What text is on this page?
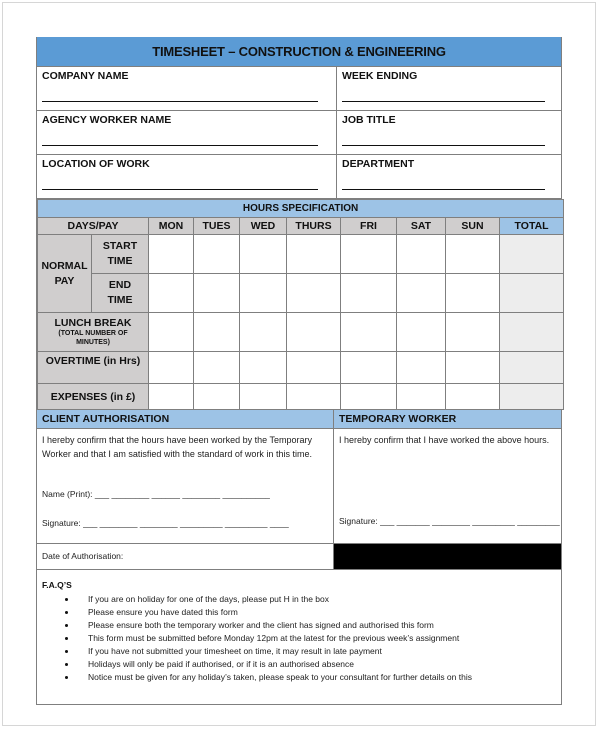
TIMESHEET – CONSTRUCTION & ENGINEERING
COMPANY NAME	WEEK ENDING
AGENCY WORKER NAME	JOB TITLE
LOCATION OF WORK	DEPARTMENT
HOURS SPECIFICATION									
DAYS/PAY		MON	TUES	WED	THURS	FRI	SAT	SUN	TOTAL
NORMAL PAY	START TIME								
	END TIME								

LUNCH BREAK
(TOTAL NUMBER OF MINUTES)									

OVERTIME (in Hrs)									
EXPENSES (in £)									
CLIENT AUTHORISATION	TEMPORARY WORKER
I hereby confirm that the hours have been worked by the Temporary Worker and that I am satisfied with the standard of work in this time.
Name (Print): ___ ________ ______ ________ __________
Signature: ___ ________ ________ _________ _________ ____
I hereby confirm that I have worked the above hours.
Signature: ___ _______ ________ _________ _________
Date of Authorisation:
F.A.Q’S
If you are on holiday for one of the days, please put H in the box
Please ensure you have dated this form
Please ensure both the temporary worker and the client has signed and authorised this form
This form must be submitted before Monday 12pm at the latest for the previous week’s assignment
If you have not submitted your timesheet on time, it may result in late payment
Holidays will only be paid if authorised, or if it is an authorised absence
Notice must be given for any holiday’s taken, please speak to your consultant for further details on this
